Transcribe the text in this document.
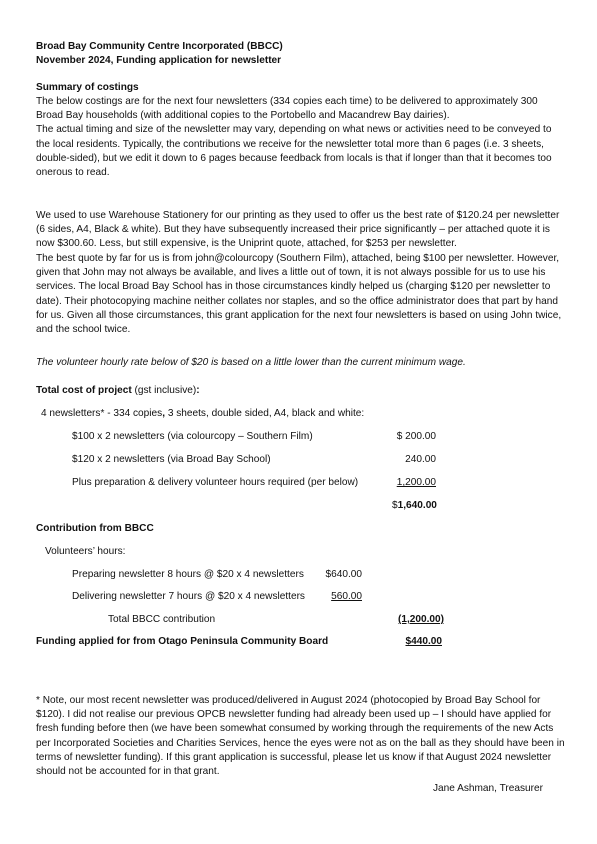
Broad Bay Community Centre Incorporated (BBCC)
November 2024, Funding application for newsletter
Summary of costings

The below costings are for the next four newsletters (334 copies each time) to be delivered to approximately 300 Broad Bay households (with additional copies to the Portobello and Macandrew Bay dairies).

The actual timing and size of the newsletter may vary, depending on what news or activities need to be conveyed to the local residents. Typically, the contributions we receive for the newsletter total more than 6 pages (i.e. 3 sheets, double-sided), but we edit it down to 6 pages because feedback from locals is that if longer than that it becomes too onerous to read.

We used to use Warehouse Stationery for our printing as they used to offer us the best rate of $120.24 per newsletter (6 sides, A4, Black & white). But they have subsequently increased their price significantly – per attached quote it is now $300.60. Less, but still expensive, is the Uniprint quote, attached, for $253 per newsletter.

The best quote by far for us is from john@colourcopy (Southern Film), attached, being $100 per newsletter. However, given that John may not always be available, and lives a little out of town, it is not always possible for us to use his services. The local Broad Bay School has in those circumstances kindly helped us (charging $120 per newsletter to date). Their photocopying machine neither collates nor staples, and so the office administrator does that part by hand for us. Given all those circumstances, this grant application for the next four newsletters is based on using John twice, and the school twice.

The volunteer hourly rate below of $20 is based on a little lower than the current minimum wage.
Total cost of project (gst inclusive):
4 newsletters* - 334 copies, 3 sheets, double sided, A4, black and white:
$100 x 2 newsletters (via colourcopy – Southern Film)	$ 200.00
$120 x 2 newsletters (via Broad Bay School)	240.00
Plus preparation & delivery volunteer hours required (per below)	1,200.00
$1,640.00
Contribution from BBCC
Volunteers’ hours:
Preparing newsletter 8 hours @ $20 x 4 newsletters	$640.00
Delivering newsletter 7 hours @ $20 x 4 newsletters	560.00
Total BBCC contribution	(1,200.00)
Funding applied for from Otago Peninsula Community Board	$440.00

* Note, our most recent newsletter was produced/delivered in August 2024 (photocopied by Broad Bay School for $120). I did not realise our previous OPCB newsletter funding had already been used up – I should have applied for fresh funding before then (we have been somewhat consumed by working through the requirements of the new Acts per Incorporated Societies and Charities Services, hence the eyes were not as on the ball as they should have been in terms of newsletter funding). If this grant application is successful, please let us know if that August 2024 newsletter should not be accounted for in that grant.

Jane Ashman, Treasurer
